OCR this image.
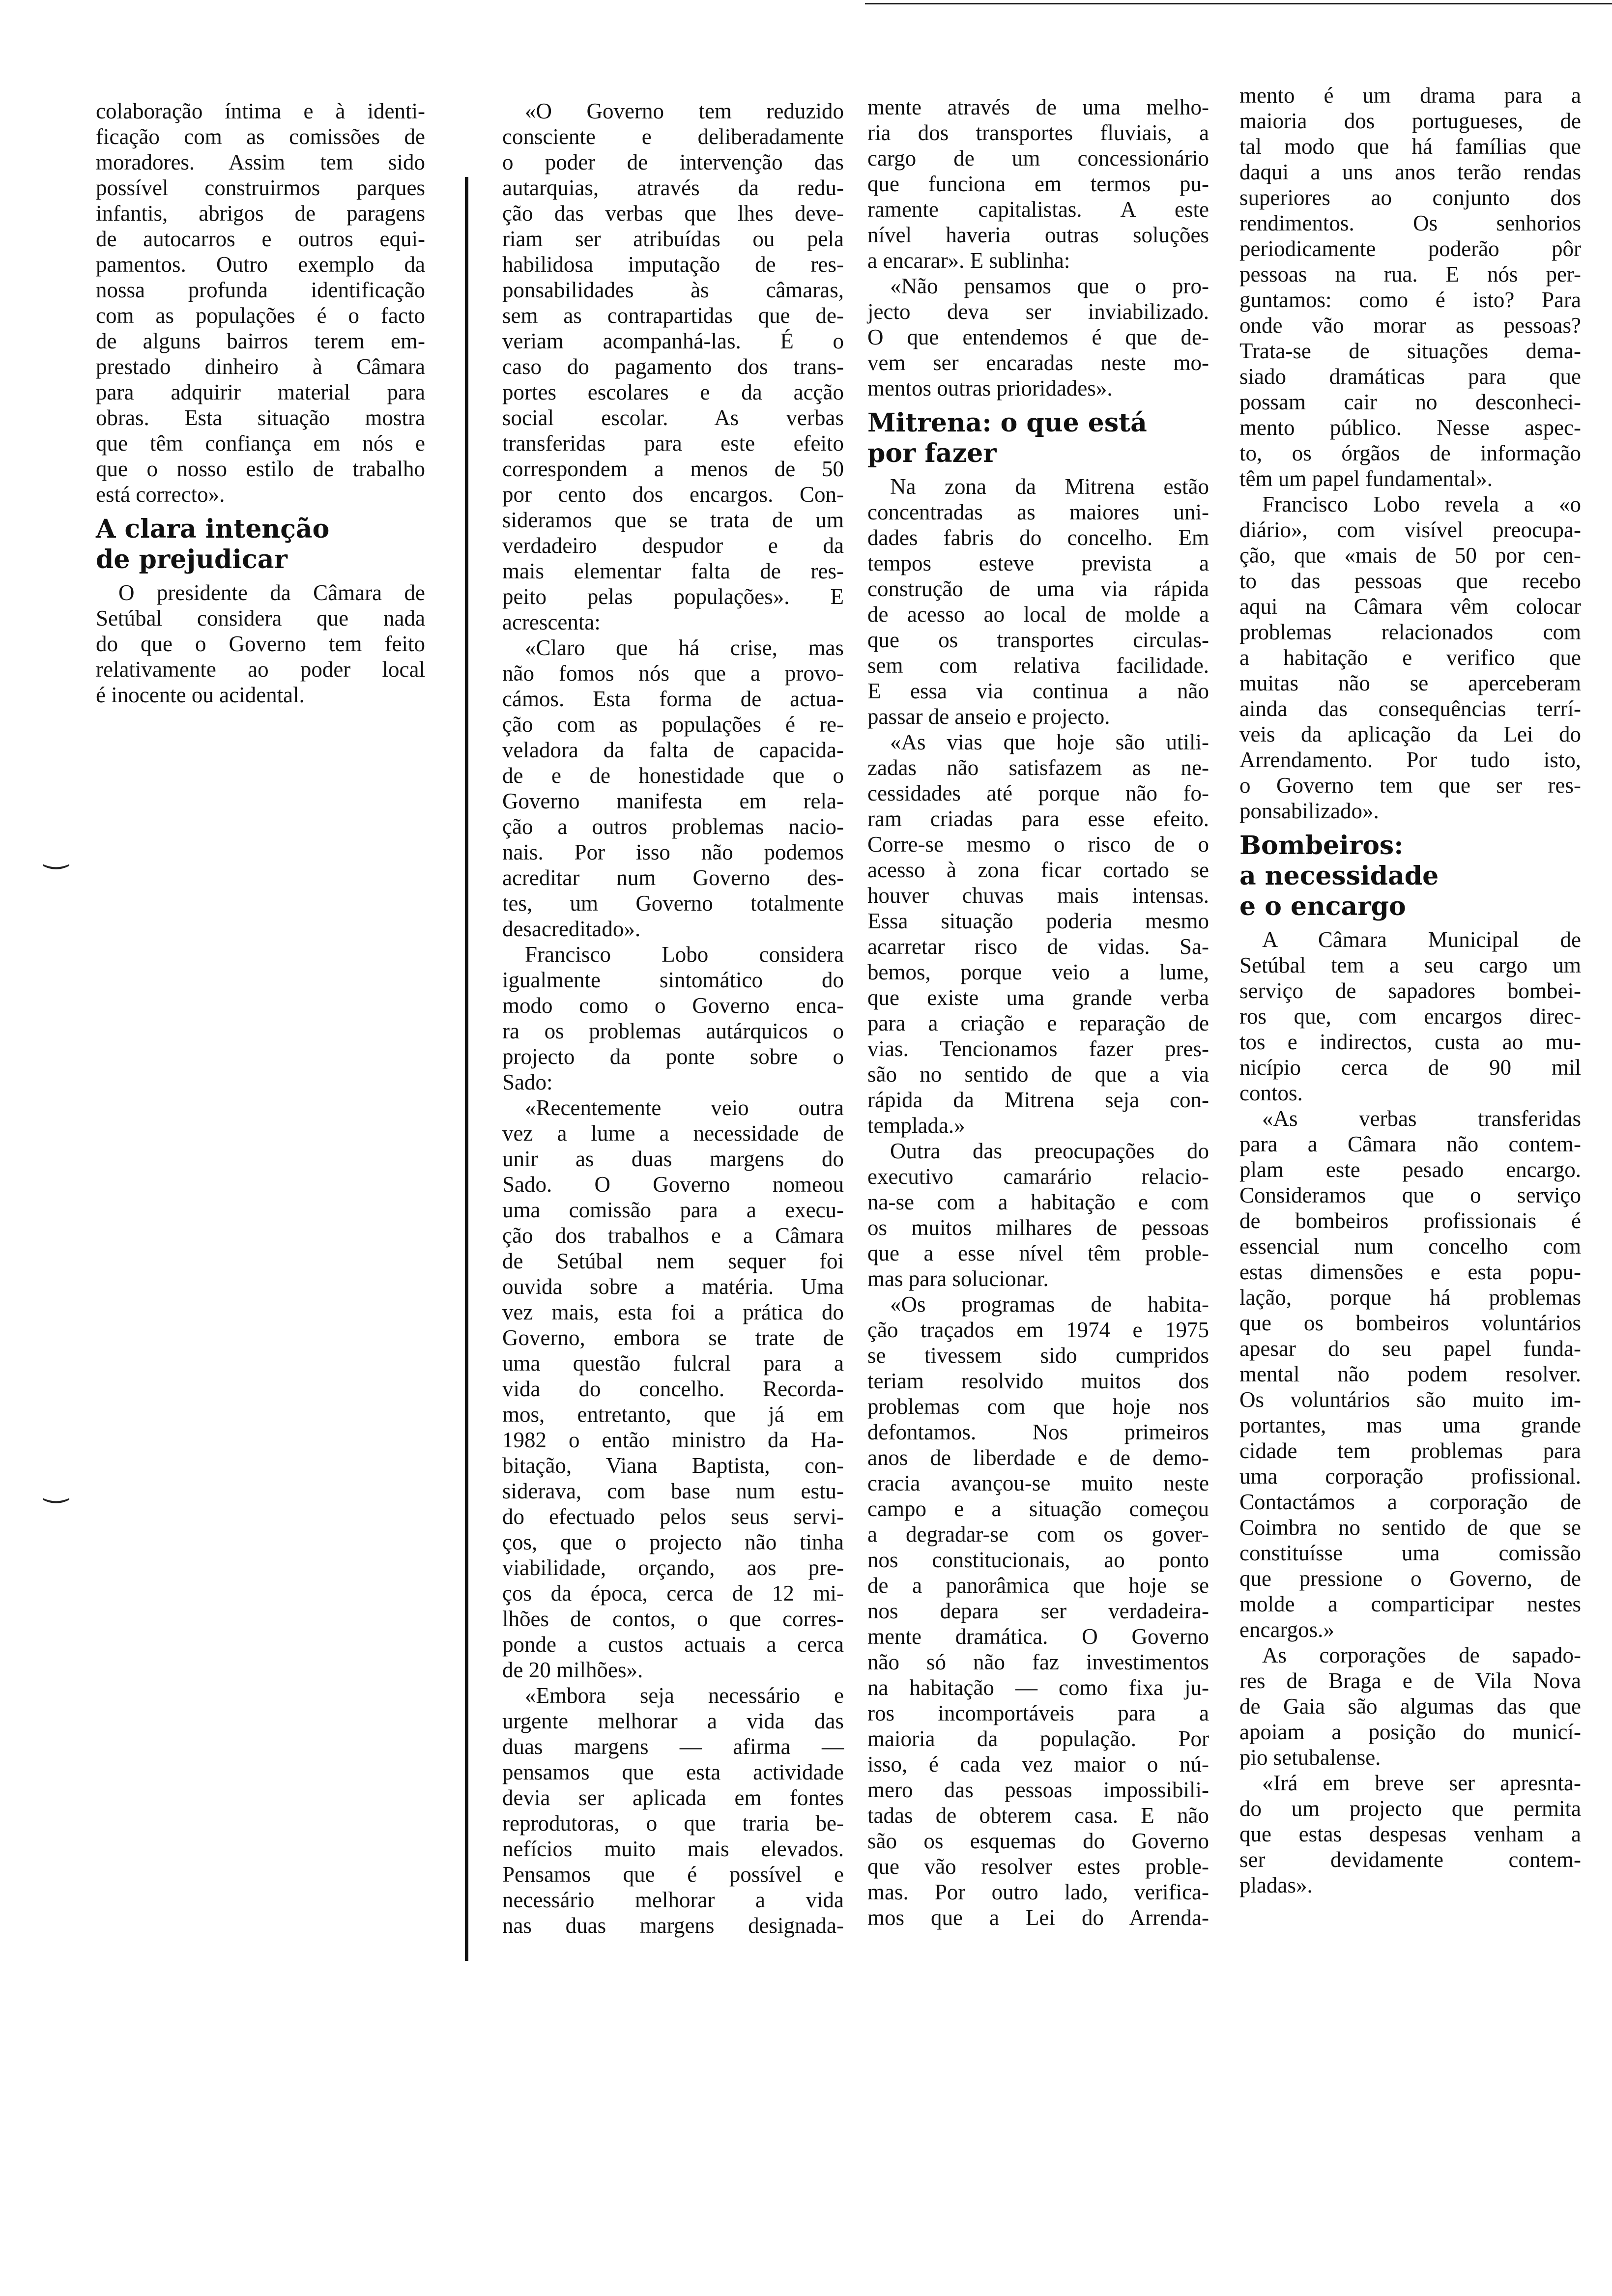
‿
‿
colaboração íntima e à identi-
ficação com as comissões de
moradores. Assim tem sido
possível construirmos parques
infantis, abrigos de paragens
de autocarros e outros equi-
pamentos. Outro exemplo da
nossa profunda identificação
com as populações é o facto
de alguns bairros terem em-
prestado dinheiro à Câmara
para adquirir material para
obras. Esta situação mostra
que têm confiança em nós e
que o nosso estilo de trabalho
está correcto».
A clara intenção
de prejudicar
O presidente da Câmara de
Setúbal considera que nada
do que o Governo tem feito
relativamente ao poder local
é inocente ou acidental.
«O Governo tem reduzido
consciente e deliberadamente
o poder de intervenção das
autarquias, através da redu-
ção das verbas que lhes deve-
riam ser atribuídas ou pela
habilidosa imputação de res-
ponsabilidades às câmaras,
sem as contrapartidas que de-
veriam acompanhá-las. É o
caso do pagamento dos trans-
portes escolares e da acção
social escolar. As verbas
transferidas para este efeito
correspondem a menos de 50
por cento dos encargos. Con-
sideramos que se trata de um
verdadeiro despudor e da
mais elementar falta de res-
peito pelas populações». E
acrescenta:
«Claro que há crise, mas
não fomos nós que a provo-
cámos. Esta forma de actua-
ção com as populações é re-
veladora da falta de capacida-
de e de honestidade que o
Governo manifesta em rela-
ção a outros problemas nacio-
nais. Por isso não podemos
acreditar num Governo des-
tes, um Governo totalmente
desacreditado».
Francisco Lobo considera
igualmente sintomático do
modo como o Governo enca-
ra os problemas autárquicos o
projecto da ponte sobre o
Sado:
«Recentemente veio outra
vez a lume a necessidade de
unir as duas margens do
Sado. O Governo nomeou
uma comissão para a execu-
ção dos trabalhos e a Câmara
de Setúbal nem sequer foi
ouvida sobre a matéria. Uma
vez mais, esta foi a prática do
Governo, embora se trate de
uma questão fulcral para a
vida do concelho. Recorda-
mos, entretanto, que já em
1982 o então ministro da Ha-
bitação, Viana Baptista, con-
siderava, com base num estu-
do efectuado pelos seus servi-
ços, que o projecto não tinha
viabilidade, orçando, aos pre-
ços da época, cerca de 12 mi-
lhões de contos, o que corres-
ponde a custos actuais a cerca
de 20 milhões».
«Embora seja necessário e
urgente melhorar a vida das
duas margens — afirma —
pensamos que esta actividade
devia ser aplicada em fontes
reprodutoras, o que traria be-
nefícios muito mais elevados.
Pensamos que é possível e
necessário melhorar a vida
nas duas margens designada-
mente através de uma melho-
ria dos transportes fluviais, a
cargo de um concessionário
que funciona em termos pu-
ramente capitalistas. A este
nível haveria outras soluções
a encarar». E sublinha:
«Não pensamos que o pro-
jecto deva ser inviabilizado.
O que entendemos é que de-
vem ser encaradas neste mo-
mentos outras prioridades».
Mitrena: o que está
por fazer
Na zona da Mitrena estão
concentradas as maiores uni-
dades fabris do concelho. Em
tempos esteve prevista a
construção de uma via rápida
de acesso ao local de molde a
que os transportes circulas-
sem com relativa facilidade.
E essa via continua a não
passar de anseio e projecto.
«As vias que hoje são utili-
zadas não satisfazem as ne-
cessidades até porque não fo-
ram criadas para esse efeito.
Corre-se mesmo o risco de o
acesso à zona ficar cortado se
houver chuvas mais intensas.
Essa situação poderia mesmo
acarretar risco de vidas. Sa-
bemos, porque veio a lume,
que existe uma grande verba
para a criação e reparação de
vias. Tencionamos fazer pres-
são no sentido de que a via
rápida da Mitrena seja con-
templada.»
Outra das preocupações do
executivo camarário relacio-
na-se com a habitação e com
os muitos milhares de pessoas
que a esse nível têm proble-
mas para solucionar.
«Os programas de habita-
ção traçados em 1974 e 1975
se tivessem sido cumpridos
teriam resolvido muitos dos
problemas com que hoje nos
defontamos. Nos primeiros
anos de liberdade e de demo-
cracia avançou-se muito neste
campo e a situação começou
a degradar-se com os gover-
nos constitucionais, ao ponto
de a panorâmica que hoje se
nos depara ser verdadeira-
mente dramática. O Governo
não só não faz investimentos
na habitação — como fixa ju-
ros incomportáveis para a
maioria da população. Por
isso, é cada vez maior o nú-
mero das pessoas impossibili-
tadas de obterem casa. E não
são os esquemas do Governo
que vão resolver estes proble-
mas. Por outro lado, verifica-
mos que a Lei do Arrenda-
mento é um drama para a
maioria dos portugueses, de
tal modo que há famílias que
daqui a uns anos terão rendas
superiores ao conjunto dos
rendimentos. Os senhorios
periodicamente poderão pôr
pessoas na rua. E nós per-
guntamos: como é isto? Para
onde vão morar as pessoas?
Trata-se de situações dema-
siado dramáticas para que
possam cair no desconheci-
mento público. Nesse aspec-
to, os órgãos de informação
têm um papel fundamental».
Francisco Lobo revela a «o
diário», com visível preocupa-
ção, que «mais de 50 por cen-
to das pessoas que recebo
aqui na Câmara vêm colocar
problemas relacionados com
a habitação e verifico que
muitas não se aperceberam
ainda das consequências terrí-
veis da aplicação da Lei do
Arrendamento. Por tudo isto,
o Governo tem que ser res-
ponsabilizado».
Bombeiros:
a necessidade
e o encargo
A Câmara Municipal de
Setúbal tem a seu cargo um
serviço de sapadores bombei-
ros que, com encargos direc-
tos e indirectos, custa ao mu-
nicípio cerca de 90 mil
contos.
«As verbas transferidas
para a Câmara não contem-
plam este pesado encargo.
Consideramos que o serviço
de bombeiros profissionais é
essencial num concelho com
estas dimensões e esta popu-
lação, porque há problemas
que os bombeiros voluntários
apesar do seu papel funda-
mental não podem resolver.
Os voluntários são muito im-
portantes, mas uma grande
cidade tem problemas para
uma corporação profissional.
Contactámos a corporação de
Coimbra no sentido de que se
constituísse uma comissão
que pressione o Governo, de
molde a comparticipar nestes
encargos.»
As corporações de sapado-
res de Braga e de Vila Nova
de Gaia são algumas das que
apoiam a posição do municí-
pio setubalense.
«Irá em breve ser apresnta-
do um projecto que permita
que estas despesas venham a
ser devidamente contem-
pladas».
